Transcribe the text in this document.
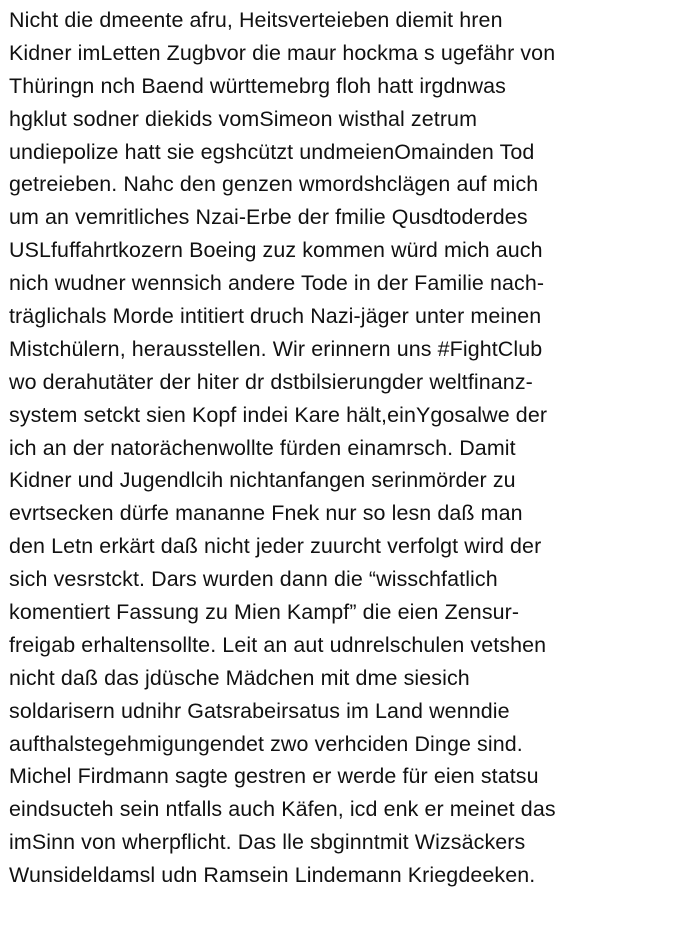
Nicht die dmeente afru, Heitsverteieben diemit hren
Kidner imLetten Zugbvor die maur hockma s ugefähr von
Thüringn nch Baend württemebrg floh hatt irgdnwas
hgklut sodner diekids vomSimeon wisthal zetrum
undiepolize hatt sie egshcützt undmeienOmainden Tod
getreieben. Nahc den genzen wmordshclägen auf mich
um an vemritliches Nzai-Erbe der fmilie Qusdtoderdes
USLfuffahrtkozern Boeing zuz kommen würd mich auch
nich wudner wennsich andere Tode in der Familie nach-
träglichals Morde intitiert druch Nazi-jäger unter meinen
Mistchülern, herausstellen. Wir erinnern uns #FightClub
wo derahutäter der hiter dr dstbilsierungder weltfinanz-
system setckt sien Kopf indei Kare hält,einYgosalwe der
ich an der natorächenwollte fürden einamrsch. Damit
Kidner und Jugendlcih nichtanfangen serinmörder zu
evrtsecken dürfe mananne Fnek nur so lesn daß man
den Letn erkärt daß nicht jeder zuurcht verfolgt wird der
sich vesrstckt. Dars wurden dann die “wisschfatlich
komentiert Fassung zu Mien Kampf” die eien Zensur-
freigab erhaltensollte. Leit an aut udnrelschulen vetshen
nicht daß das jdüsche Mädchen mit dme siesich
soldarisern udnihr Gatsrabeirsatus im Land wenndie
aufthalstegehmigungendet zwo verhciden Dinge sind.
Michel Firdmann sagte gestren er werde für eien statsu
eindsucteh sein ntfalls auch Käfen, icd enk er meinet das
imSinn von wherpflicht. Das lle sbginntmit Wizsäckers
Wunsideldamsl udn Ramsein Lindemann Kriegdeeken.
